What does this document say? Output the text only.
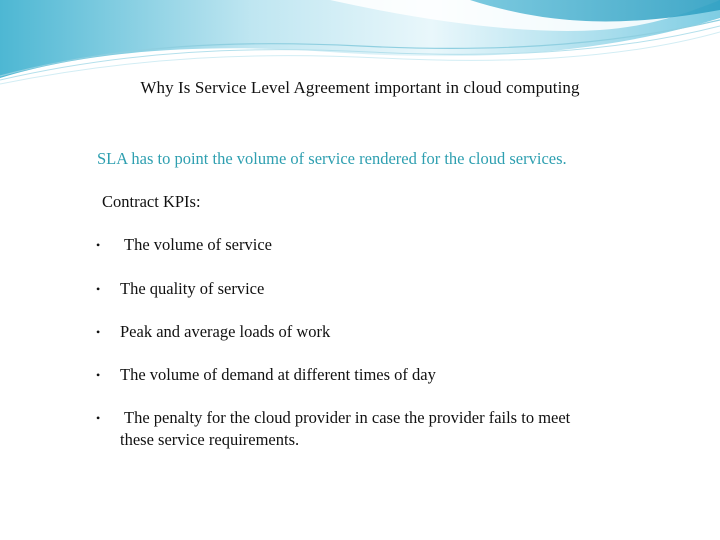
Why Is Service Level Agreement important in cloud computing
SLA has to point the volume of service rendered for the cloud services.
Contract KPIs:
• The volume of service
• The quality of service
• Peak and average loads of work
• The volume of demand at different times of day
• The penalty for the cloud provider in case the provider fails to meet
these service requirements.
